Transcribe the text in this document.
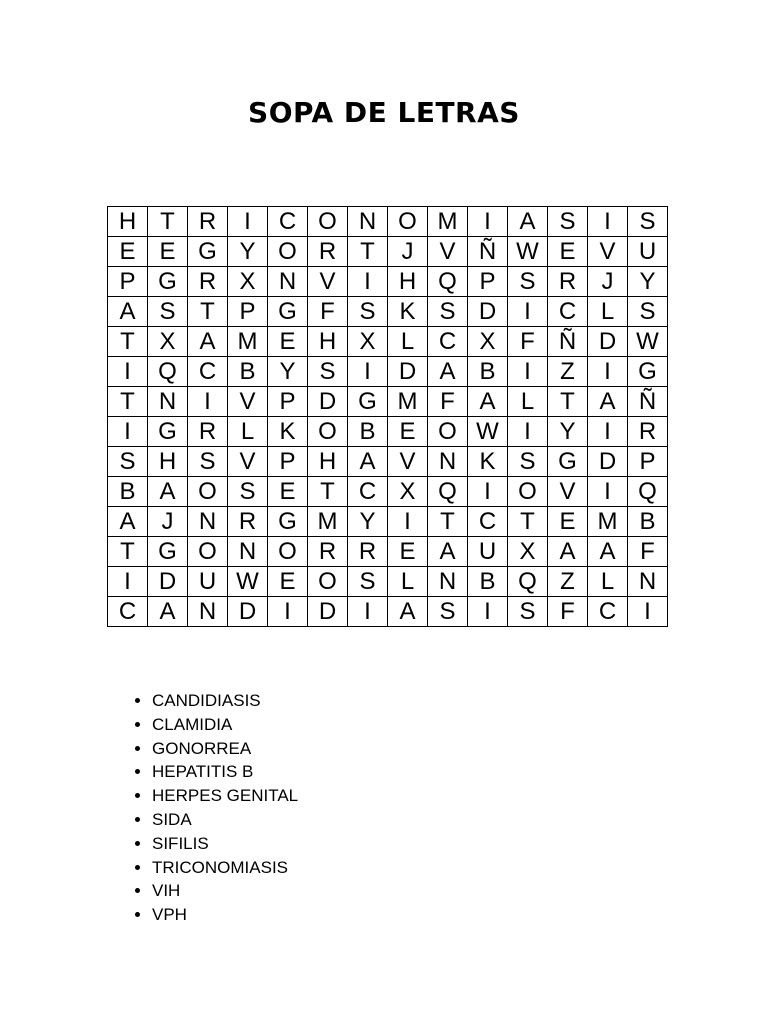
SOPA DE LETRAS
H	T	R	I	C	O	N	O	M	I	A	S	I	S
E	E	G	Y	O	R	T	J	V	Ñ	W	E	V	U
P	G	R	X	N	V	I	H	Q	P	S	R	J	Y
A	S	T	P	G	F	S	K	S	D	I	C	L	S
T	X	A	M	E	H	X	L	C	X	F	Ñ	D	W
I	Q	C	B	Y	S	I	D	A	B	I	Z	I	G
T	N	I	V	P	D	G	M	F	A	L	T	A	Ñ
I	G	R	L	K	O	B	E	O	W	I	Y	I	R
S	H	S	V	P	H	A	V	N	K	S	G	D	P
B	A	O	S	E	T	C	X	Q	I	O	V	I	Q
A	J	N	R	G	M	Y	I	T	C	T	E	M	B
T	G	O	N	O	R	R	E	A	U	X	A	A	F
I	D	U	W	E	O	S	L	N	B	Q	Z	L	N
C	A	N	D	I	D	I	A	S	I	S	F	C	I
• CANDIDIASIS
• CLAMIDIA
• GONORREA
• HEPATITIS B
• HERPES GENITAL
• SIDA
• SIFILIS
• TRICONOMIASIS
• VIH
• VPH
